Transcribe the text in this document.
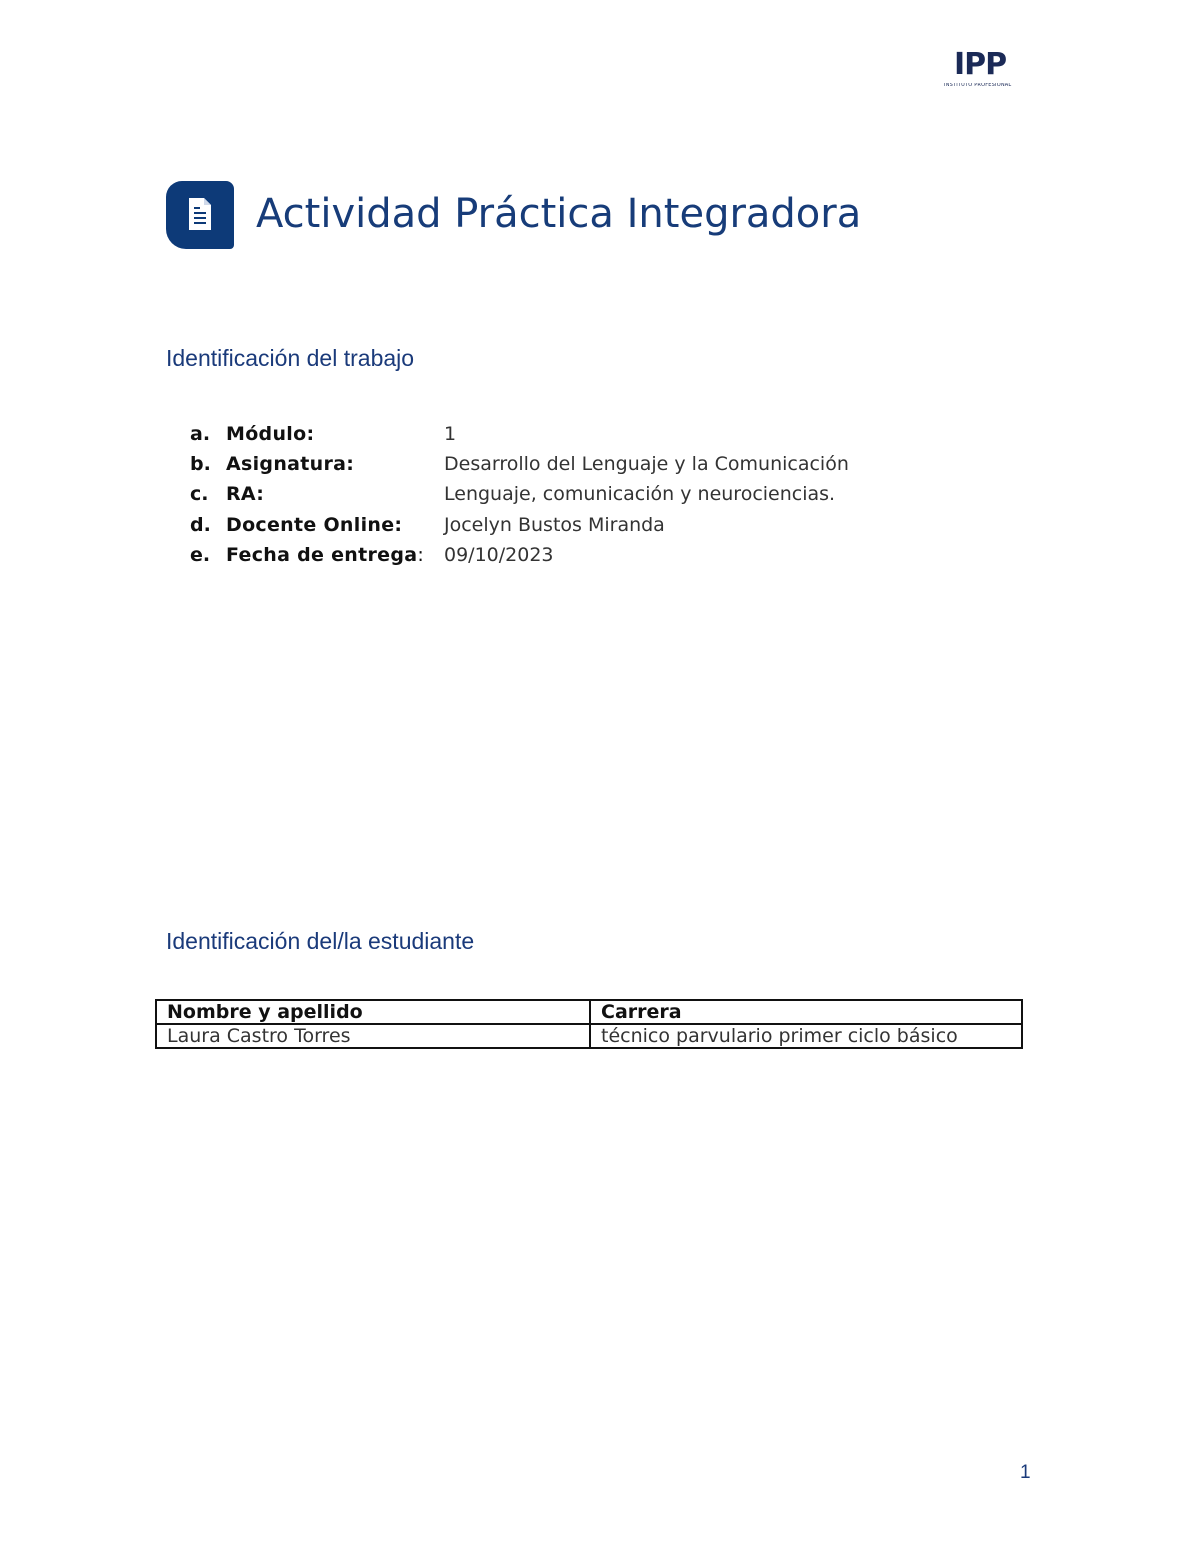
IPP
INSTITUTO PROFESIONAL
Actividad Práctica Integradora
Identificación del trabajo
a. Módulo:	1
b. Asignatura:	Desarrollo del Lenguaje y la Comunicación
c. RA:	Lenguaje, comunicación y neurociencias.
d. Docente Online: Jocelyn Bustos Miranda
e. Fecha de entrega: 09/10/2023
Identificación del/la estudiante
Nombre y apellido	Carrera
Laura Castro Torres	técnico parvulario primer ciclo básico
1
